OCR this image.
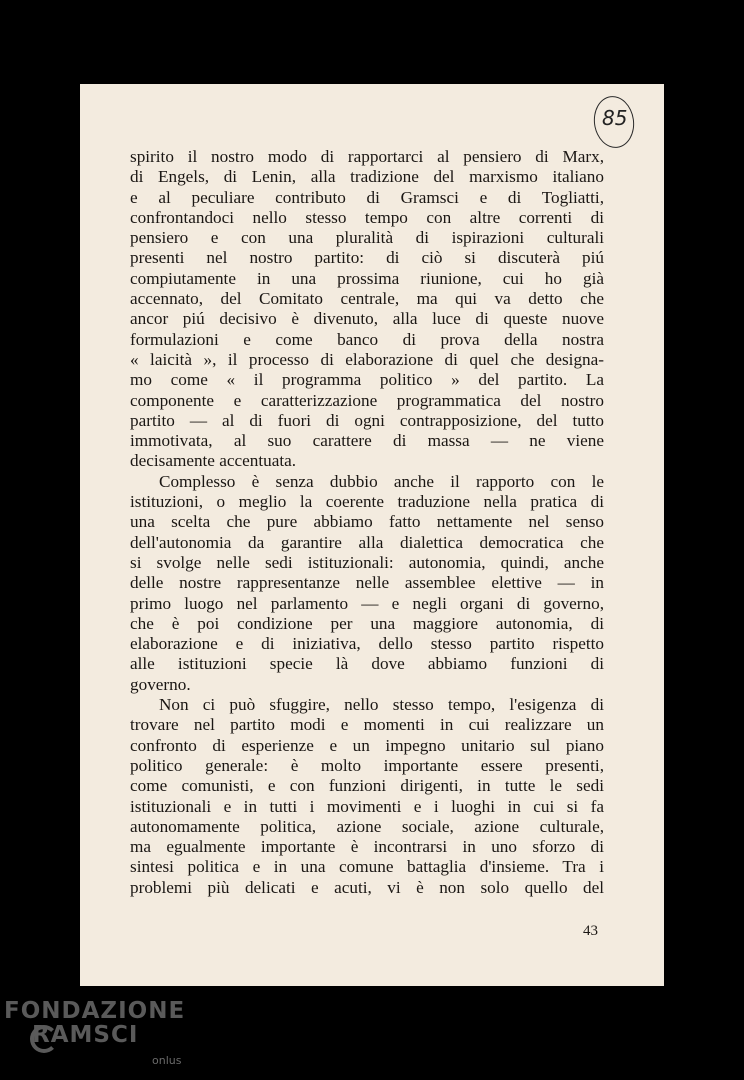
85
spirito il nostro modo di rapportarci al pensiero di Marx,
di Engels, di Lenin, alla tradizione del marxismo italiano
e al peculiare contributo di Gramsci e di Togliatti,
confrontandoci nello stesso tempo con altre correnti di
pensiero e con una pluralità di ispirazioni culturali
presenti nel nostro partito: di ciò si discuterà piú
compiutamente in una prossima riunione, cui ho già
accennato, del Comitato centrale, ma qui va detto che
ancor piú decisivo è divenuto, alla luce di queste nuove
formulazioni e come banco di prova della nostra
« laicità », il processo di elaborazione di quel che designa-
mo come « il programma politico » del partito. La
componente e caratterizzazione programmatica del nostro
partito — al di fuori di ogni contrapposizione, del tutto
immotivata, al suo carattere di massa — ne viene
decisamente accentuata.
Complesso è senza dubbio anche il rapporto con le
istituzioni, o meglio la coerente traduzione nella pratica di
una scelta che pure abbiamo fatto nettamente nel senso
dell'autonomia da garantire alla dialettica democratica che
si svolge nelle sedi istituzionali: autonomia, quindi, anche
delle nostre rappresentanze nelle assemblee elettive — in
primo luogo nel parlamento — e negli organi di governo,
che è poi condizione per una maggiore autonomia, di
elaborazione e di iniziativa, dello stesso partito rispetto
alle istituzioni specie là dove abbiamo funzioni di
governo.
Non ci può sfuggire, nello stesso tempo, l'esigenza di
trovare nel partito modi e momenti in cui realizzare un
confronto di esperienze e un impegno unitario sul piano
politico generale: è molto importante essere presenti,
come comunisti, e con funzioni dirigenti, in tutte le sedi
istituzionali e in tutti i movimenti e i luoghi in cui si fa
autonomamente politica, azione sociale, azione culturale,
ma egualmente importante è incontrarsi in uno sforzo di
sintesi politica e in una comune battaglia d'insieme. Tra i
problemi più delicati e acuti, vi è non solo quello del
43
FONDAZIONE
RAMSCI
onlus
